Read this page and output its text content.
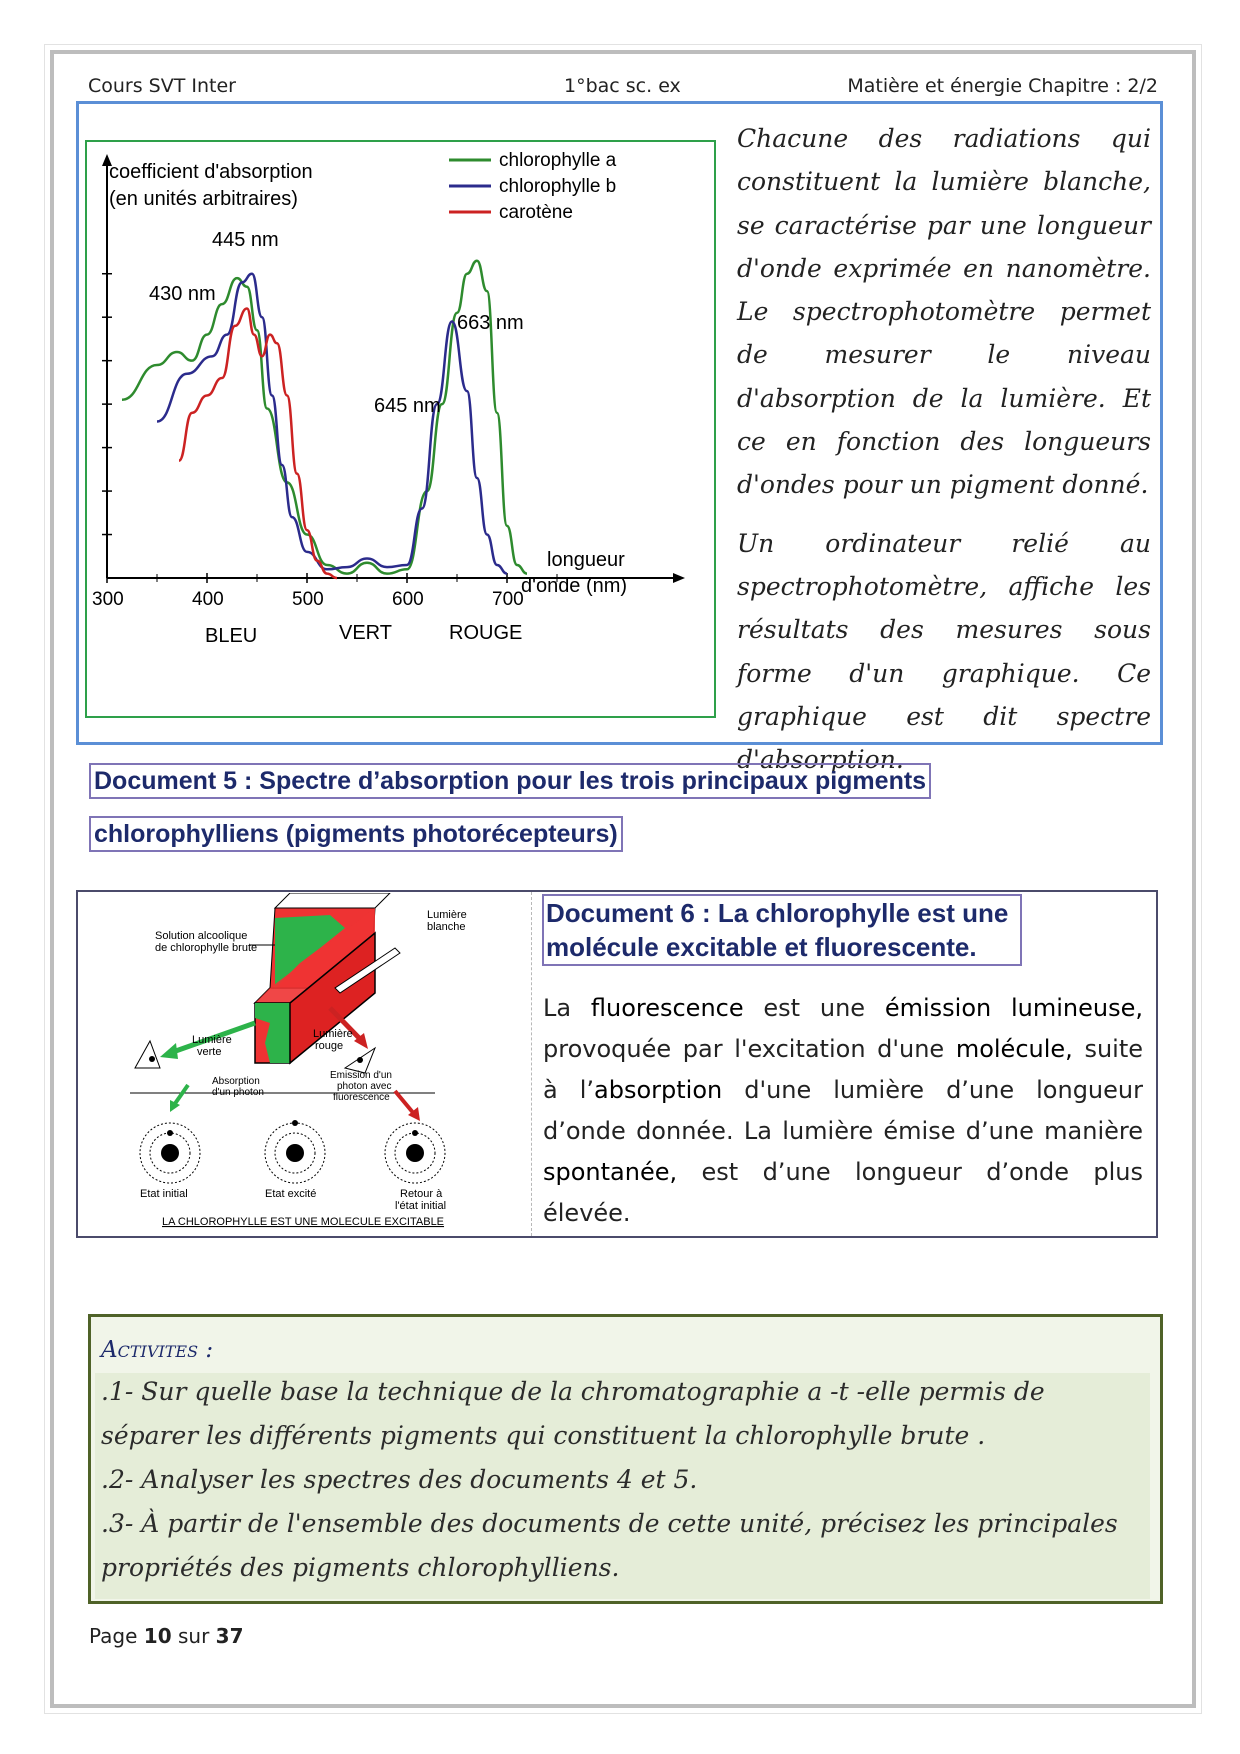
Cours SVT Inter	1°bac sc. ex	Matière et énergie Chapitre : 2/2
300	400	500	600	700
coefficient d'absorption
(en unités arbitraires)
longueur
d'onde (nm)
BLEU	VERT	ROUGE
430 nm
445 nm
645 nm
663 nm
chlorophylle a
chlorophylle b
carotène

Chacune des radiations qui constituent la lumière blanche, se caractérise par une longueur d'onde exprimée en nanomètre. Le spectrophotomètre permet de mesurer le niveau d'absorption de la lumière. Et ce en fonction des longueurs d'ondes pour un pigment donné.

Un ordinateur relié au spectrophotomètre, affiche les résultats des mesures sous forme d'un graphique. Ce graphique est dit spectre d'absorption.

Document 5 : Spectre d’absorption pour les trois principaux pigments
chlorophylliens (pigments photorécepteurs)
Solution alcoolique
de chlorophylle brute
Lumière
blanche
Lumière
verte
Lumière
rouge
Absorption
d'un photon
Emission d'un
photon avec
fluorescence
Etat initial	Etat excité	Retour à
l'état initial
LA CHLOROPHYLLE EST UNE MOLECULE EXCITABLE
Document 6 : La chlorophylle est une molécule excitable et fluorescente.

La fluorescence est une émission lumineuse, provoquée par l'excitation d'une molécule, suite à l’absorption d'une lumière d’une longueur d’onde donnée. La lumière émise d’une manière spontanée, est d’une longueur d’onde plus élevée.

Activites :
.1- Sur quelle base la technique de la chromatographie a -t -elle permis de
séparer les différents pigments qui constituent la chlorophylle brute .
.2- Analyser les spectres des documents 4 et 5.
.3- À partir de l'ensemble des documents de cette unité, précisez les principales
propriétés des pigments chlorophylliens.
Page 10 sur 37
